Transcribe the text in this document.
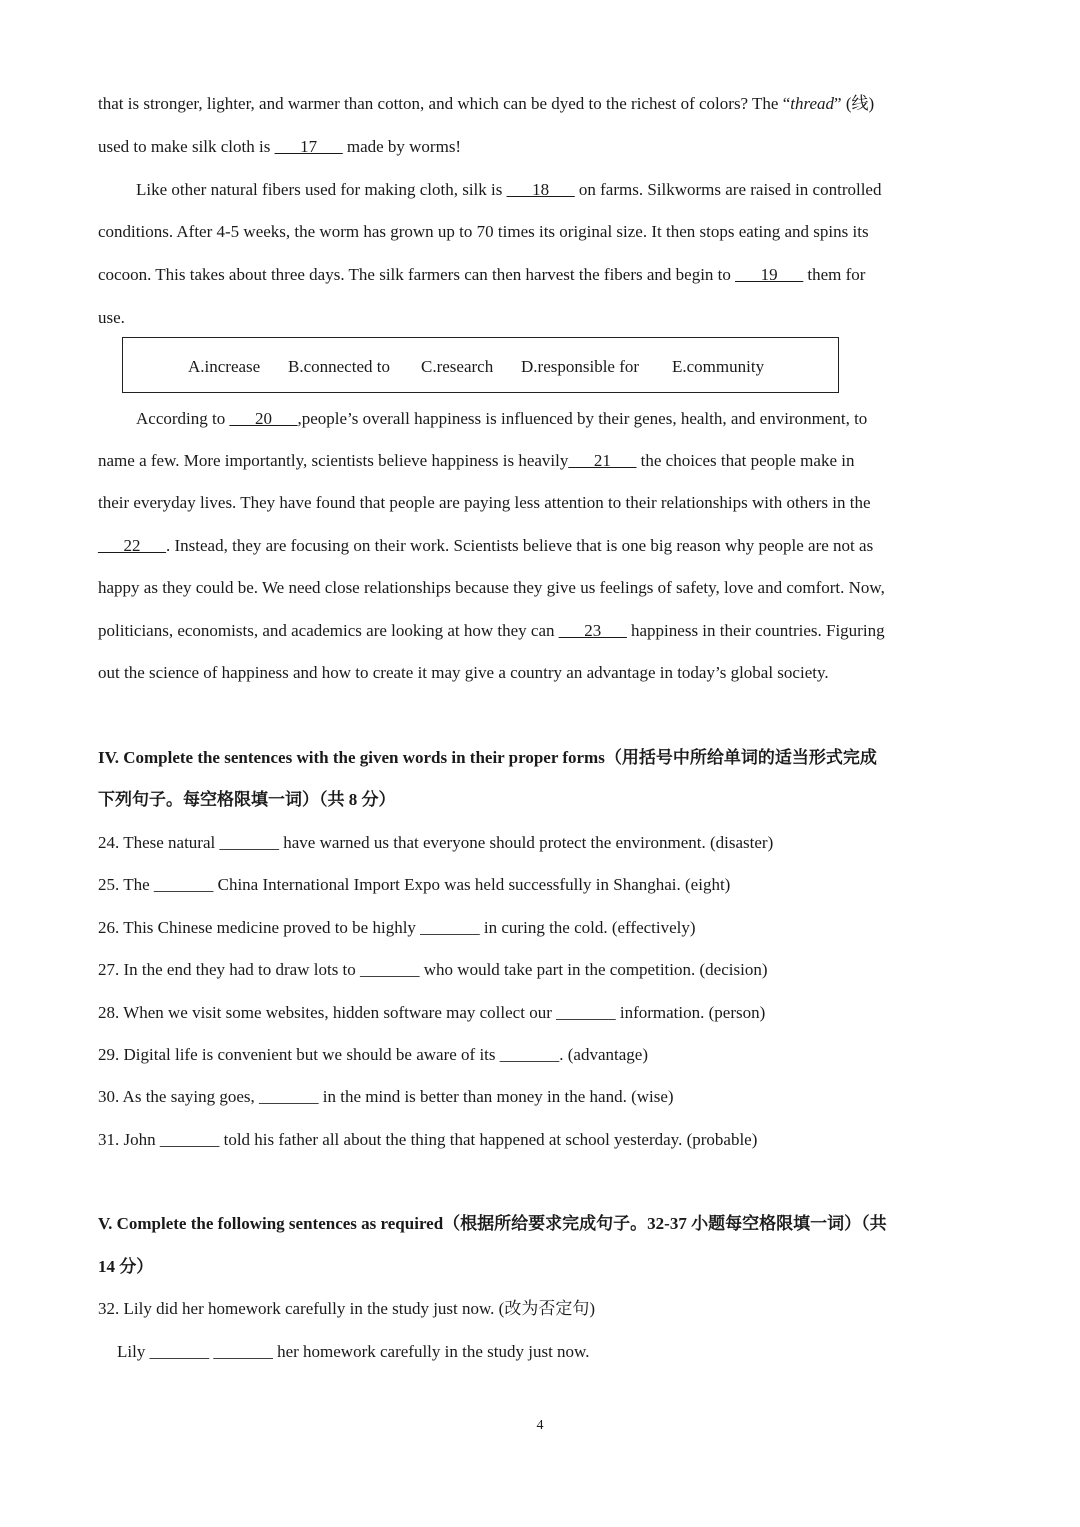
that is stronger, lighter, and warmer than cotton, and which can be dyed to the richest of colors? The “thread” (线)
used to make silk cloth is ___17___ made by worms!
Like other natural fibers used for making cloth, silk is ___18___ on farms. Silkworms are raised in controlled
conditions. After 4-5 weeks, the worm has grown up to 70 times its original size. It then stops eating and spins its
cocoon. This takes about three days. The silk farmers can then harvest the fibers and begin to ___19___ them for
use.
A.increase B.connected to C.research D.responsible for E.community
According to ___20___,people’s overall happiness is influenced by their genes, health, and environment, to
name a few. More importantly, scientists believe happiness is heavily___21___ the choices that people make in
their everyday lives. They have found that people are paying less attention to their relationships with others in the
___22___. Instead, they are focusing on their work. Scientists believe that is one big reason why people are not as
happy as they could be. We need close relationships because they give us feelings of safety, love and comfort. Now,
politicians, economists, and academics are looking at how they can ___23___ happiness in their countries. Figuring
out the science of happiness and how to create it may give a country an advantage in today’s global society.
IV. Complete the sentences with the given words in their proper forms（用括号中所给单词的适当形式完成
下列句子。每空格限填一词）（共 8 分）
24. These natural _______ have warned us that everyone should protect the environment. (disaster)
25. The _______ China International Import Expo was held successfully in Shanghai. (eight)
26. This Chinese medicine proved to be highly _______ in curing the cold. (effectively)
27. In the end they had to draw lots to _______ who would take part in the competition. (decision)
28. When we visit some websites, hidden software may collect our _______ information. (person)
29. Digital life is convenient but we should be aware of its _______. (advantage)
30. As the saying goes, _______ in the mind is better than money in the hand. (wise)
31. John _______ told his father all about the thing that happened at school yesterday. (probable)
V. Complete the following sentences as required（根据所给要求完成句子。32-37 小题每空格限填一词）（共
14 分）
32. Lily did her homework carefully in the study just now. (改为否定句)
Lily _______ _______ her homework carefully in the study just now.
4
